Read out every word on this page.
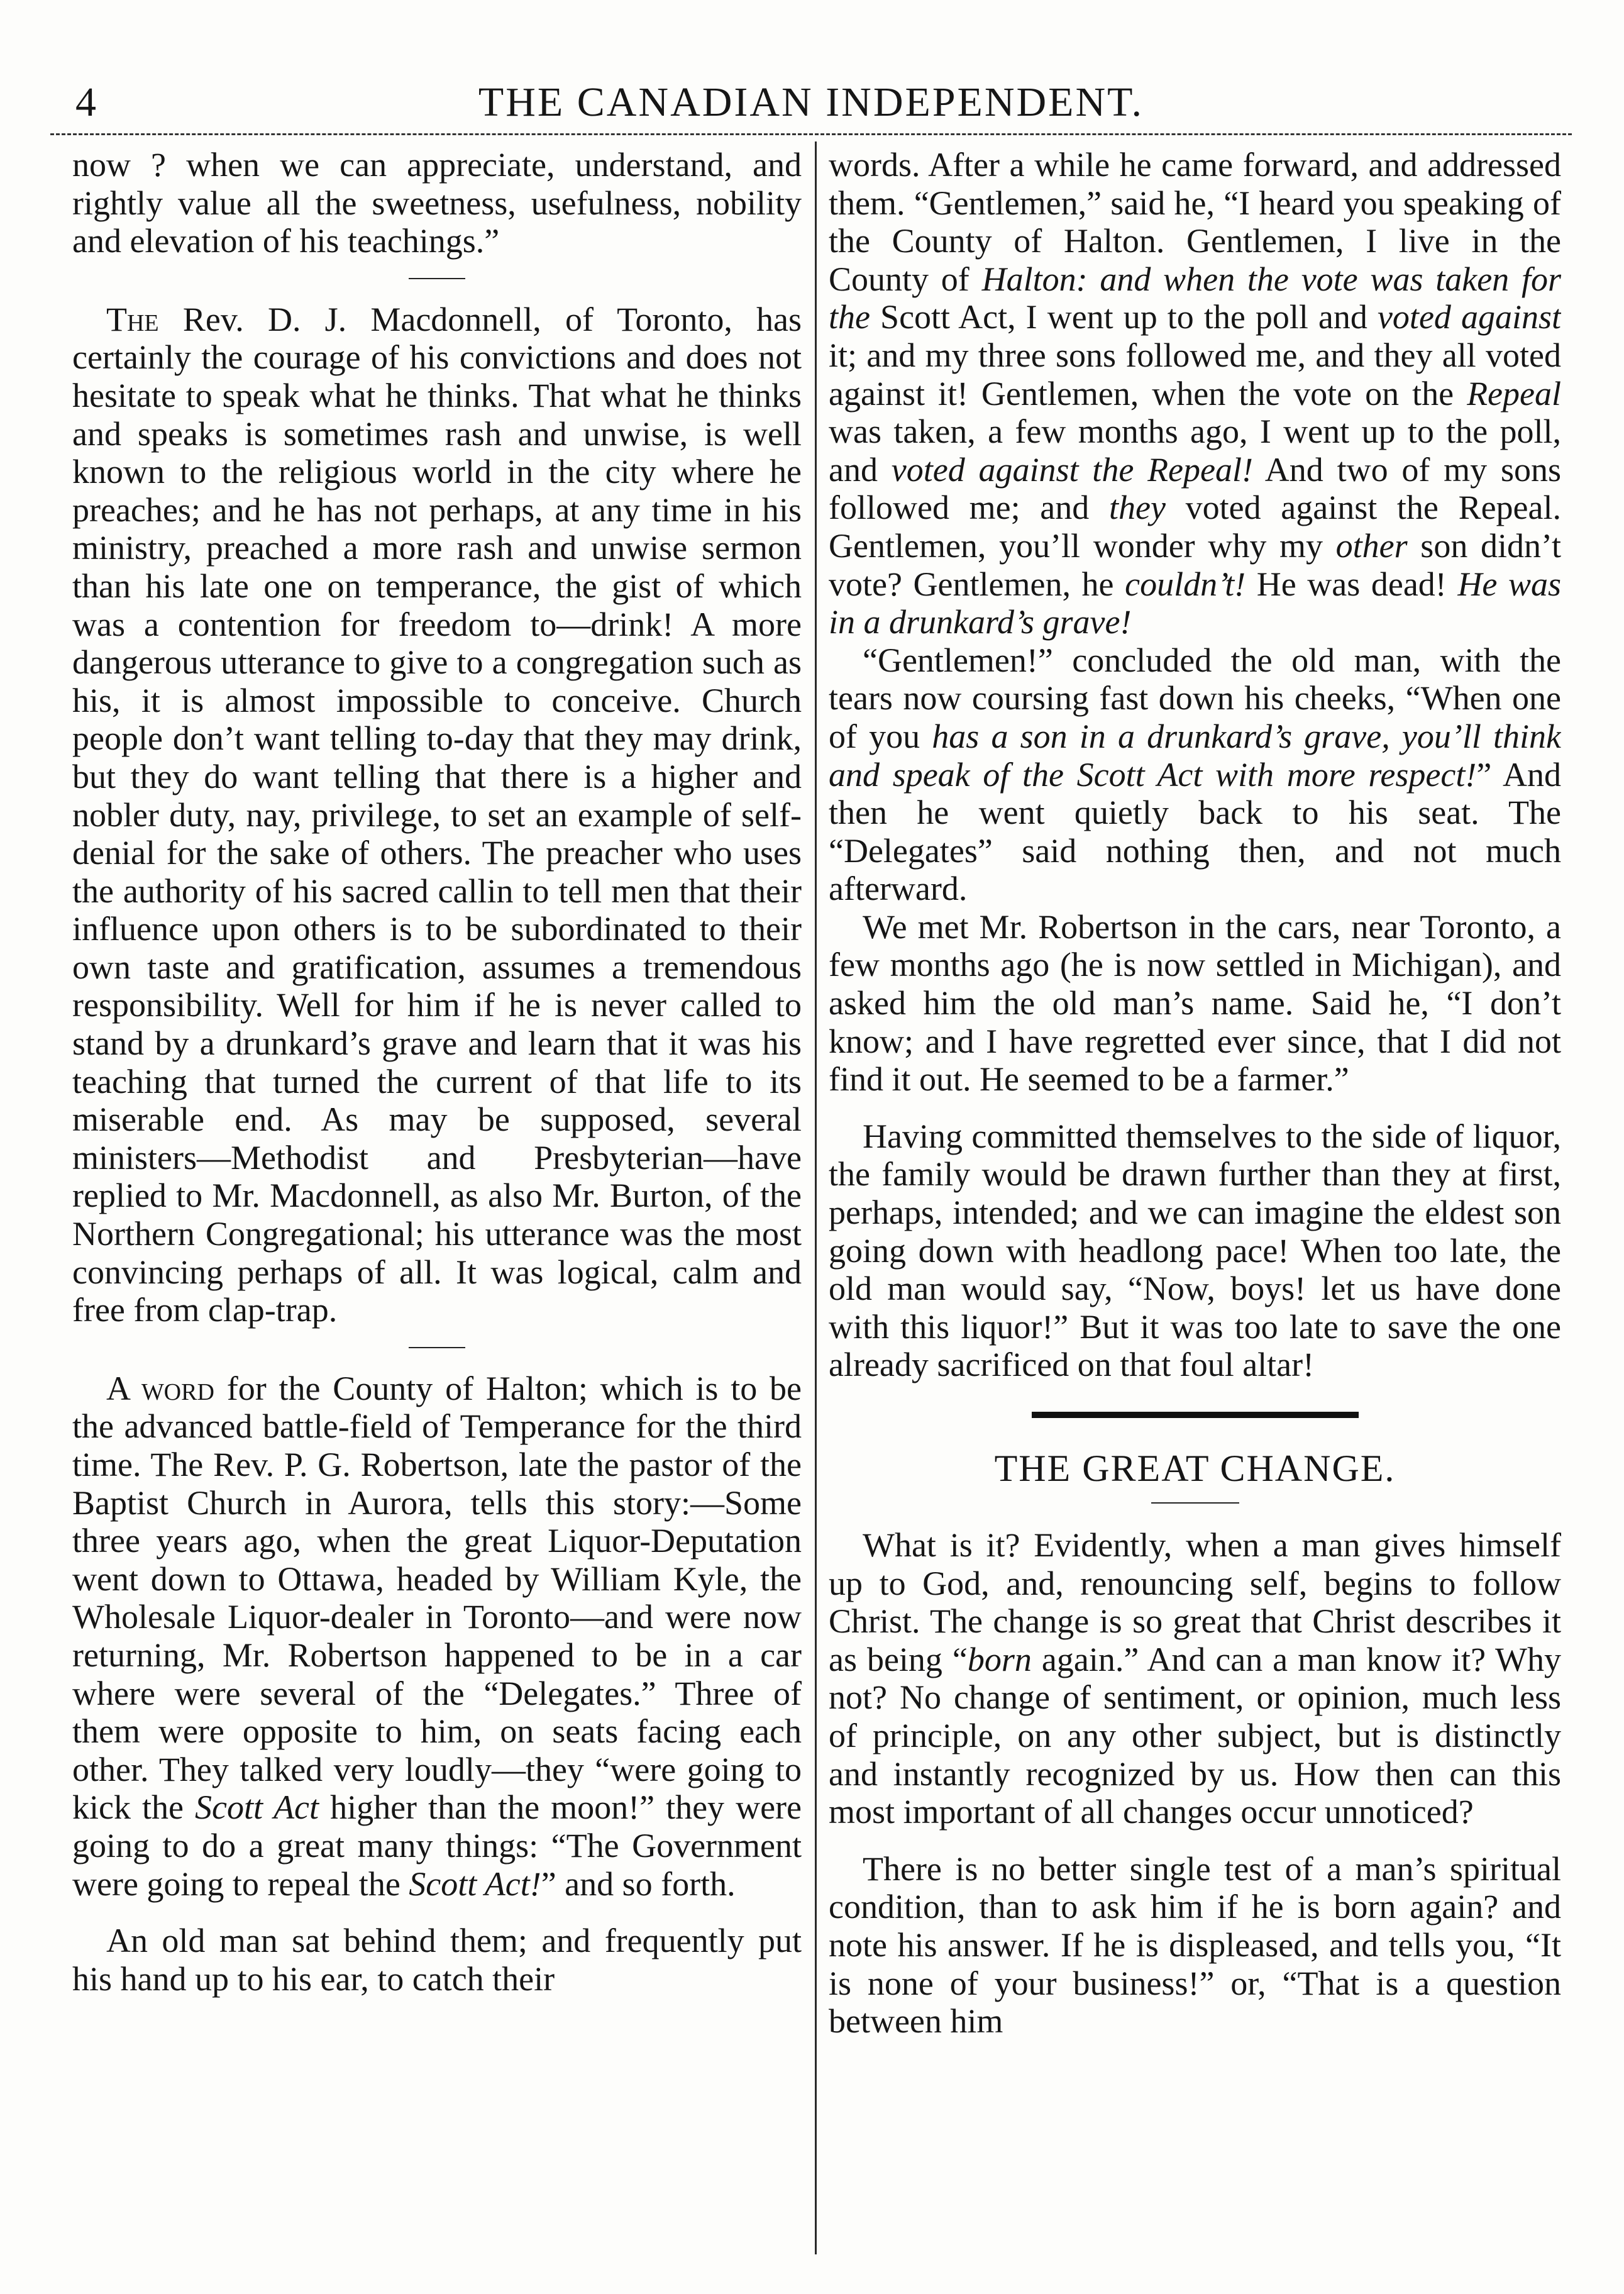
4	THE CANADIAN INDEPENDENT.

now ? when we can appreciate, understand, and rightly value all the sweetness, usefulness, nobility and elevation of his teachings.”

The Rev. D. J. Macdonnell, of Toronto, has certainly the courage of his convictions and does not hesitate to speak what he thinks. That what he thinks and speaks is sometimes rash and unwise, is well known to the religious world in the city where he preaches; and he has not perhaps, at any time in his ministry, preached a more rash and unwise sermon than his late one on temperance, the gist of which was a contention for freedom to—drink! A more dangerous utterance to give to a congregation such as his, it is almost impossible to conceive. Church people don’t want telling to-day that they may drink, but they do want telling that there is a higher and nobler duty, nay, privilege, to set an example of self-denial for the sake of others. The preacher who uses the authority of his sacred callin to tell men that their influence upon others is to be subordinated to their own taste and gratification, assumes a tremendous responsibility. Well for him if he is never called to stand by a drunkard’s grave and learn that it was his teaching that turned the current of that life to its miserable end. As may be supposed, several ministers—Methodist and Presbyterian—have replied to Mr. Macdonnell, as also Mr. Burton, of the Northern Congregational; his utterance was the most convincing perhaps of all. It was logical, calm and free from clap-trap.

A word for the County of Halton; which is to be the advanced battle-field of Temperance for the third time. The Rev. P. G. Robertson, late the pastor of the Baptist Church in Aurora, tells this story:—Some three years ago, when the great Liquor-Deputation went down to Ottawa, headed by William Kyle, the Wholesale Liquor-dealer in Toronto—and were now returning, Mr. Robertson happened to be in a car where were several of the “Delegates.” Three of them were opposite to him, on seats facing each other. They talked very loudly—they “were going to kick the Scott Act higher than the moon!” they were going to do a great many things: “The Government were going to repeal the Scott Act!” and so forth.

An old man sat behind them; and frequently put his hand up to his ear, to catch their

words. After a while he came forward, and addressed them. “Gentlemen,” said he, “I heard you speaking of the County of Halton. Gentlemen, I live in the County of Halton: and when the vote was taken for the Scott Act, I went up to the poll and voted against it; and my three sons followed me, and they all voted against it! Gentlemen, when the vote on the Repeal was taken, a few months ago, I went up to the poll, and voted against the Repeal! And two of my sons followed me; and they voted against the Repeal. Gentlemen, you’ll wonder why my other son didn’t vote? Gentlemen, he couldn’t! He was dead! He was in a drunkard’s grave!

“Gentlemen!” concluded the old man, with the tears now coursing fast down his cheeks, “When one of you has a son in a drunkard’s grave, you’ll think and speak of the Scott Act with more respect!” And then he went quietly back to his seat. The “Delegates” said nothing then, and not much afterward.

We met Mr. Robertson in the cars, near Toronto, a few months ago (he is now settled in Michigan), and asked him the old man’s name. Said he, “I don’t know; and I have regretted ever since, that I did not find it out. He seemed to be a farmer.”

Having committed themselves to the side of liquor, the family would be drawn further than they at first, perhaps, intended; and we can imagine the eldest son going down with headlong pace! When too late, the old man would say, “Now, boys! let us have done with this liquor!” But it was too late to save the one already sacrificed on that foul altar!

THE GREAT CHANGE.

What is it? Evidently, when a man gives himself up to God, and, renouncing self, begins to follow Christ. The change is so great that Christ describes it as being “born again.” And can a man know it? Why not? No change of sentiment, or opinion, much less of principle, on any other subject, but is distinctly and instantly recognized by us. How then can this most important of all changes occur unnoticed?

There is no better single test of a man’s spiritual condition, than to ask him if he is born again? and note his answer. If he is displeased, and tells you, “It is none of your business!” or, “That is a question between him
